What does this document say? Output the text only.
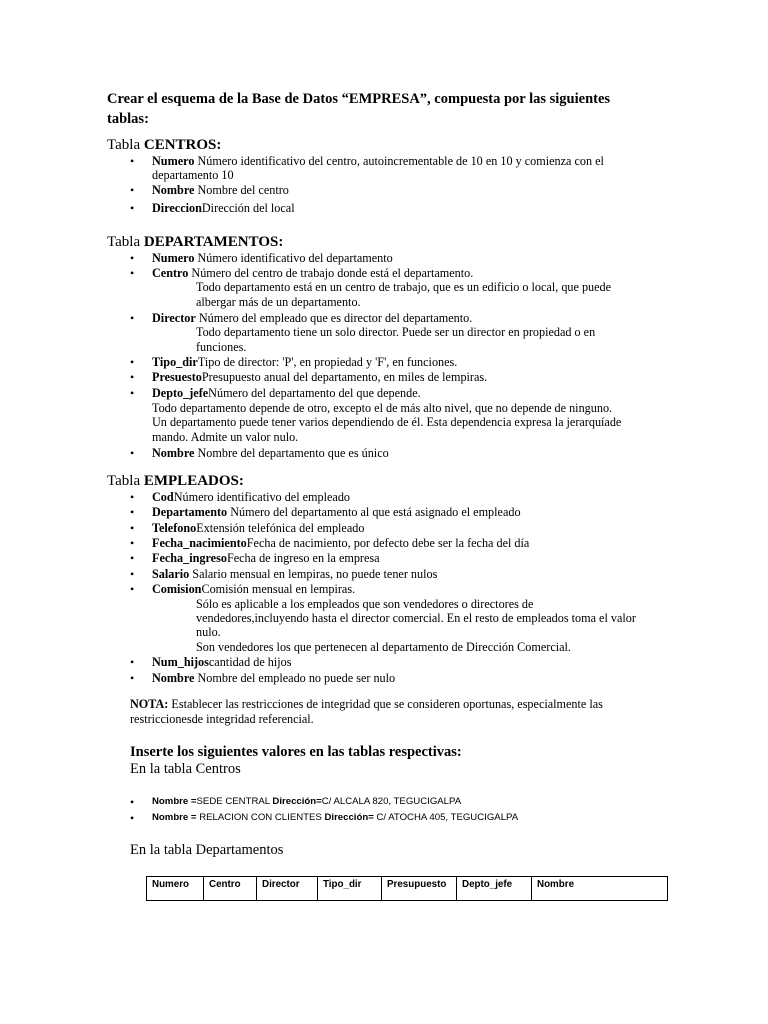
Crear el esquema de la Base de Datos “EMPRESA”, compuesta por las siguientes
tablas:
Tabla CENTROS:
• Numero Número identificativo del centro, autoincrementable de 10 en 10 y comienza con el
departamento 10
• Nombre Nombre del centro
• DireccionDirección del local
Tabla DEPARTAMENTOS:
• Numero Número identificativo del departamento
• Centro Número del centro de trabajo donde está el departamento.
Todo departamento está en un centro de trabajo, que es un edificio o local, que puede
albergar más de un departamento.
• Director Número del empleado que es director del departamento.
Todo departamento tiene un solo director. Puede ser un director en propiedad o en
funciones.
• Tipo_dirTipo de director: 'P', en propiedad y 'F', en funciones.
• PresuestoPresupuesto anual del departamento, en miles de lempiras.
• Depto_jefeNúmero del departamento del que depende.
Todo departamento depende de otro, excepto el de más alto nivel, que no depende de ninguno.
Un departamento puede tener varios dependiendo de él. Esta dependencia expresa la jerarquíade
mando. Admite un valor nulo.
• Nombre Nombre del departamento que es único
Tabla EMPLEADOS:
• CodNúmero identificativo del empleado
• Departamento Número del departamento al que está asignado el empleado
• TelefonoExtensión telefónica del empleado
• Fecha_nacimientoFecha de nacimiento, por defecto debe ser la fecha del día
• Fecha_ingresoFecha de ingreso en la empresa
• Salario Salario mensual en lempiras, no puede tener nulos
• ComisionComisión mensual en lempiras.
Sólo es aplicable a los empleados que son vendedores o directores de
vendedores,incluyendo hasta el director comercial. En el resto de empleados toma el valor
nulo.
Son vendedores los que pertenecen al departamento de Dirección Comercial.
• Num_hijoscantidad de hijos
• Nombre Nombre del empleado no puede ser nulo
NOTA: Establecer las restricciones de integridad que se consideren oportunas, especialmente las
restriccionesde integridad referencial.
Inserte los siguientes valores en las tablas respectivas:
En la tabla Centros
• Nombre =SEDE CENTRAL Dirección=C/ ALCALA 820, TEGUCIGALPA
• Nombre = RELACION CON CLIENTES Dirección= C/ ATOCHA 405, TEGUCIGALPA
En la tabla Departamentos
Numero	Centro	Director	Tipo_dir	Presupuesto	Depto_jefe	Nombre
